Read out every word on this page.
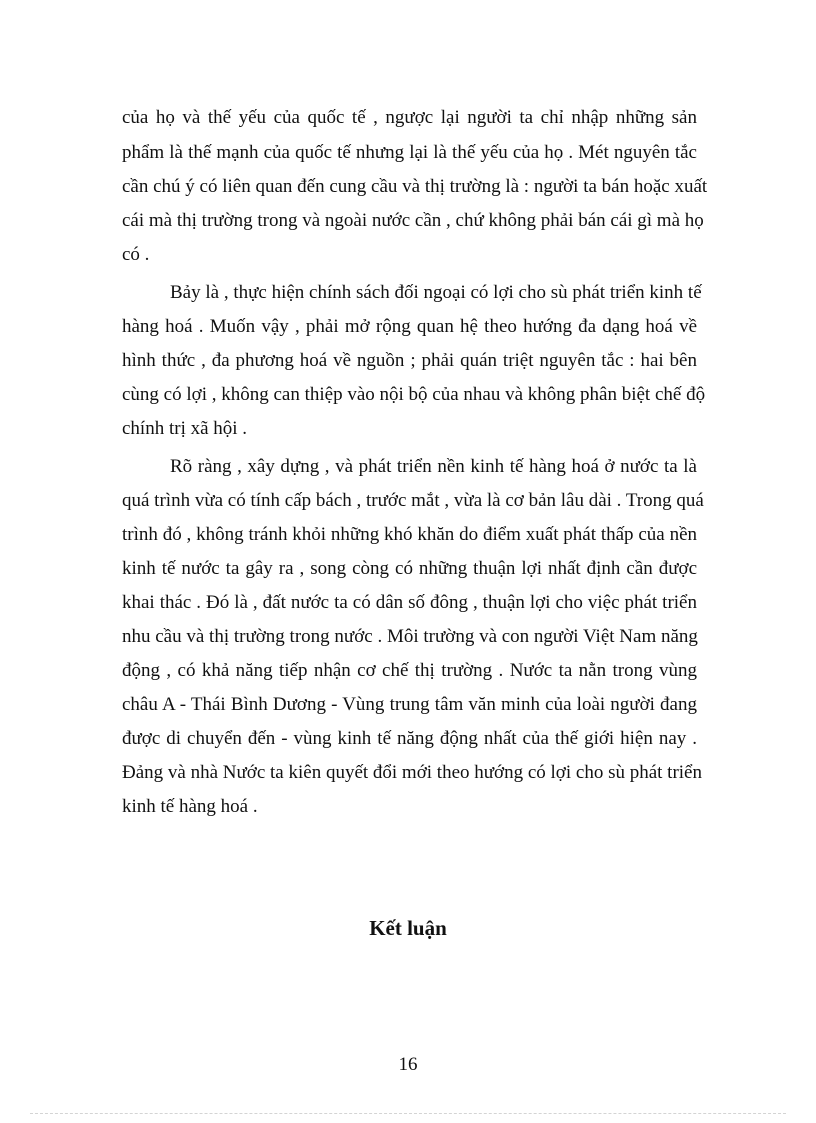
của họ và thế yếu của quốc tế , ngược lại người ta chỉ nhập những sản
phẩm là thế mạnh của quốc tế nhưng lại là thế yếu của họ . Mét nguyên tắc
cần chú ý có liên quan đến cung cầu và thị trường là : người ta bán hoặc xuất
cái mà thị trường trong và ngoài nước cần , chứ không phải bán cái gì mà họ
có .
Bảy là , thực hiện chính sách đối ngoại có lợi cho sù phát triển kinh tế
hàng hoá . Muốn vậy , phải mở rộng quan hệ theo hướng đa dạng hoá về
hình thức , đa phương hoá về nguồn ; phải quán triệt nguyên tắc : hai bên
cùng có lợi , không can thiệp vào nội bộ của nhau và không phân biệt chế độ
chính trị xã hội .
Rõ ràng , xây dựng , và phát triển nền kinh tế hàng hoá ở nước ta là
quá trình vừa có tính cấp bách , trước mắt , vừa là cơ bản lâu dài . Trong quá
trình đó , không tránh khỏi những khó khăn do điểm xuất phát thấp của nền
kinh tế nước ta gây ra , song còng có những thuận lợi nhất định cần được
khai thác . Đó là , đất nước ta có dân số đông , thuận lợi cho việc phát triển
nhu cầu và thị trường trong nước . Môi trường và con người Việt Nam năng
động , có khả năng tiếp nhận cơ chế thị trường . Nước ta nằn trong vùng
châu A - Thái Bình Dương - Vùng trung tâm văn minh của loài người đang
được di chuyển đến - vùng kinh tế năng động nhất của thế giới hiện nay .
Đảng và nhà Nước ta kiên quyết đổi mới theo hướng có lợi cho sù phát triển
kinh tế hàng hoá .
Kết luận
16
